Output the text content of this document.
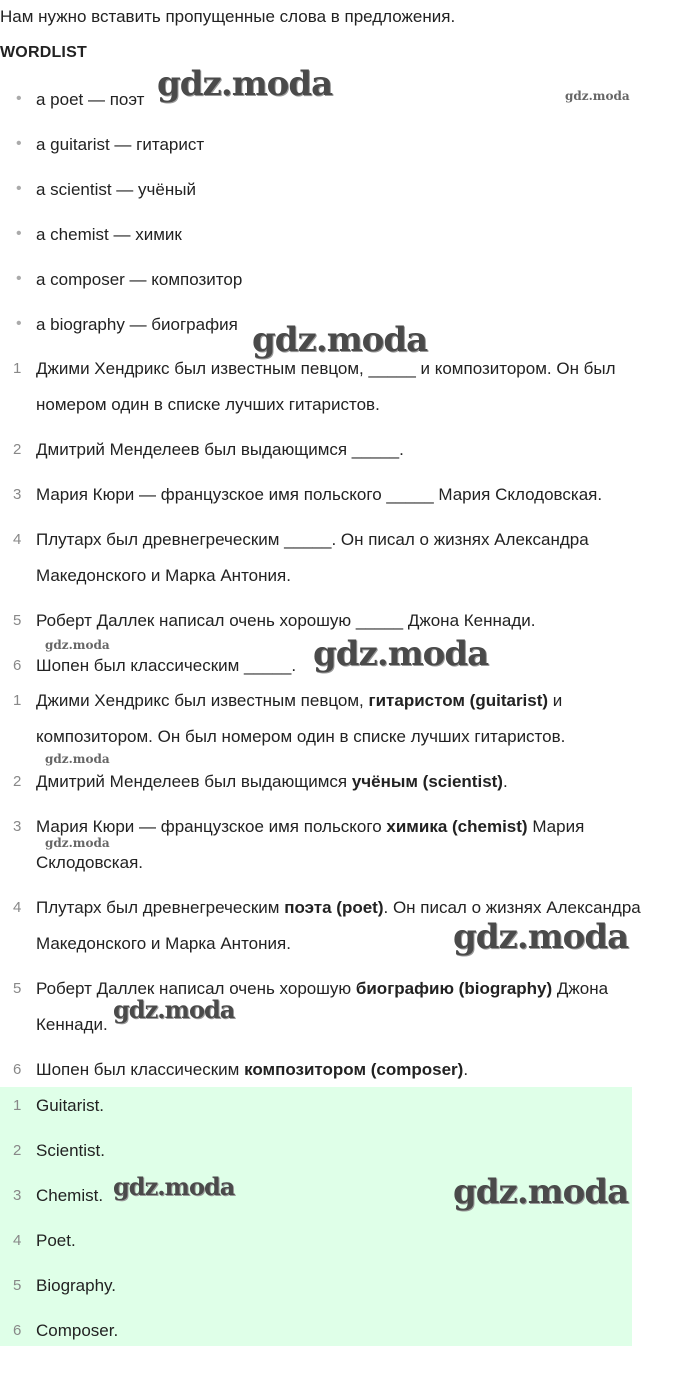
Нам нужно вставить пропущенные слова в предложения.
WORDLIST
• a poet — поэт
• a guitarist — гитарист
• a scientist — учёный
• a chemist — химик
• a composer — композитор
• a biography — биография
1 Джими Хендрикс был известным певцом, _____ и композитором. Он был номером один в списке лучших гитаристов.
2 Дмитрий Менделеев был выдающимся _____.
3 Мария Кюри — французское имя польского _____ Мария Склодовская.
4 Плутарх был древнегреческим _____. Он писал о жизнях Александра Македонского и Марка Антония.
5 Роберт Даллек написал очень хорошую _____ Джона Кеннади.
6 Шопен был классическим _____.
1 Джими Хендрикс был известным певцом, гитаристом (guitarist) и композитором. Он был номером один в списке лучших гитаристов.
2 Дмитрий Менделеев был выдающимся учёным (scientist).
3 Мария Кюри — французское имя польского химика (chemist) Мария Склодовская.
4 Плутарх был древнегреческим поэта (poet). Он писал о жизнях Александра Македонского и Марка Антония.
5 Роберт Даллек написал очень хорошую биографию (biography) Джона Кеннади.
6 Шопен был классическим композитором (composer).
1 Guitarist.
2 Scientist.
3 Chemist.
4 Poet.
5 Biography.
6 Composer.
gdz.moda	gdz.moda
gdz.moda
gdz.moda	gdz.moda
gdz.moda
gdz.moda
gdz.moda
gdz.moda
gdz.moda	gdz.moda
